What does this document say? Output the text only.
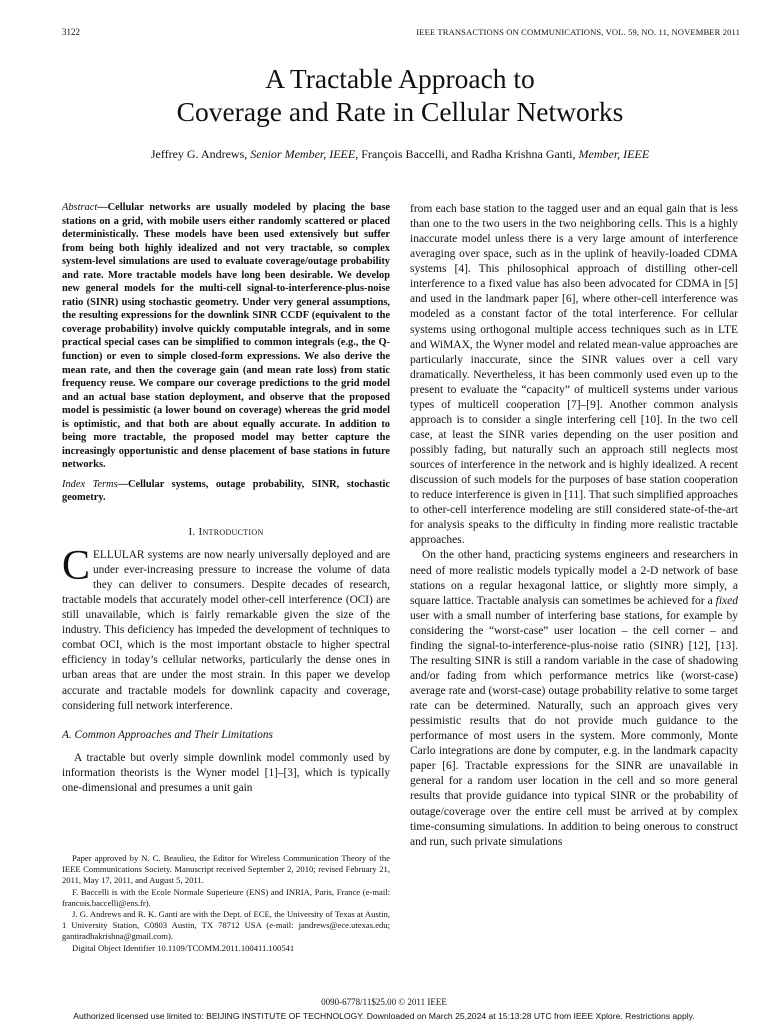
3122	IEEE TRANSACTIONS ON COMMUNICATIONS, VOL. 59, NO. 11, NOVEMBER 2011
A Tractable Approach to
Coverage and Rate in Cellular Networks
Jeffrey G. Andrews, Senior Member, IEEE, François Baccelli, and Radha Krishna Ganti, Member, IEEE

Abstract—Cellular networks are usually modeled by placing the base stations on a grid, with mobile users either randomly scattered or placed deterministically. These models have been used extensively but suffer from being both highly idealized and not very tractable, so complex system-level simulations are used to evaluate coverage/outage probability and rate. More tractable models have long been desirable. We develop new general models for the multi-cell signal-to-interference-plus-noise ratio (SINR) using stochastic geometry. Under very general assumptions, the resulting expressions for the downlink SINR CCDF (equivalent to the coverage probability) involve quickly computable integrals, and in some practical special cases can be simplified to common integrals (e.g., the Q-function) or even to simple closed-form expressions. We also derive the mean rate, and then the coverage gain (and mean rate loss) from static frequency reuse. We compare our coverage predictions to the grid model and an actual base station deployment, and observe that the proposed model is pessimistic (a lower bound on coverage) whereas the grid model is optimistic, and that both are about equally accurate. In addition to being more tractable, the proposed model may better capture the increasingly opportunistic and dense placement of base stations in future networks.

Index Terms—Cellular systems, outage probability, SINR, stochastic geometry.

I. Introduction

CELLULAR systems are now nearly universally deployed and are under ever-increasing pressure to increase the volume of data they can deliver to consumers. Despite decades of research, tractable models that accurately model other-cell interference (OCI) are still unavailable, which is fairly remarkable given the size of the industry. This deficiency has impeded the development of techniques to combat OCI, which is the most important obstacle to higher spectral efficiency in today’s cellular networks, particularly the dense ones in urban areas that are under the most strain. In this paper we develop accurate and tractable models for downlink capacity and coverage, considering full network interference.

A. Common Approaches and Their Limitations

A tractable but overly simple downlink model commonly used by information theorists is the Wyner model [1]–[3], which is typically one-dimensional and presumes a unit gain

Paper approved by N. C. Beaulieu, the Editor for Wireless Communication Theory of the IEEE Communications Society. Manuscript received September 2, 2010; revised February 21, 2011, May 17, 2011, and August 5, 2011.

F. Baccelli is with the Ecole Normale Superieure (ENS) and INRIA, Paris, France (e-mail: francois.baccelli@ens.fr).

J. G. Andrews and R. K. Ganti are with the Dept. of ECE, the University of Texas at Austin, 1 University Station, C0803 Austin, TX 78712 USA (e-mail: jandrews@ece.utexas.edu; gantiradhakrishna@gmail.com).

Digital Object Identifier 10.1109/TCOMM.2011.100411.100541

from each base station to the tagged user and an equal gain that is less than one to the two users in the two neighboring cells. This is a highly inaccurate model unless there is a very large amount of interference averaging over space, such as in the uplink of heavily-loaded CDMA systems [4]. This philosophical approach of distilling other-cell interference to a fixed value has also been advocated for CDMA in [5] and used in the landmark paper [6], where other-cell interference was modeled as a constant factor of the total interference. For cellular systems using orthogonal multiple access techniques such as in LTE and WiMAX, the Wyner model and related mean-value approaches are particularly inaccurate, since the SINR values over a cell vary dramatically. Nevertheless, it has been commonly used even up to the present to evaluate the “capacity” of multicell systems under various types of multicell cooperation [7]–[9]. Another common analysis approach is to consider a single interfering cell [10]. In the two cell case, at least the SINR varies depending on the user position and possibly fading, but naturally such an approach still neglects most sources of interference in the network and is highly idealized. A recent discussion of such models for the purposes of base station cooperation to reduce interference is given in [11]. That such simplified approaches to other-cell interference modeling are still considered state-of-the-art for analysis speaks to the difficulty in finding more realistic tractable approaches.

On the other hand, practicing systems engineers and researchers in need of more realistic models typically model a 2-D network of base stations on a regular hexagonal lattice, or slightly more simply, a square lattice. Tractable analysis can sometimes be achieved for a fixed user with a small number of interfering base stations, for example by considering the “worst-case” user location – the cell corner – and finding the signal-to-interference-plus-noise ratio (SINR) [12], [13]. The resulting SINR is still a random variable in the case of shadowing and/or fading from which performance metrics like (worst-case) average rate and (worst-case) outage probability relative to some target rate can be determined. Naturally, such an approach gives very pessimistic results that do not provide much guidance to the performance of most users in the system. More commonly, Monte Carlo integrations are done by computer, e.g. in the landmark capacity paper [6]. Tractable expressions for the SINR are unavailable in general for a random user location in the cell and so more general results that provide guidance into typical SINR or the probability of outage/coverage over the entire cell must be arrived at by complex time-consuming simulations. In addition to being onerous to construct and run, such private simulations

0090-6778/11$25.00 © 2011 IEEE
Authorized licensed use limited to: BEIJING INSTITUTE OF TECHNOLOGY. Downloaded on March 25,2024 at 15:13:28 UTC from IEEE Xplore. Restrictions apply.
